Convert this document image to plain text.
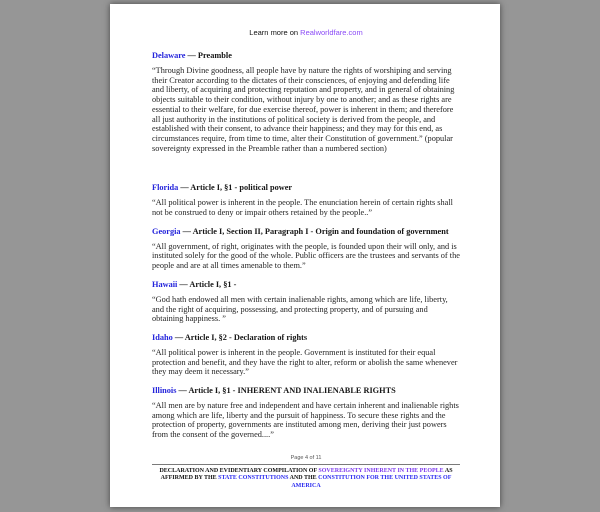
Learn more on Realworldfare.com
Delaware — Preamble

“Through Divine goodness, all people have by nature the rights of worshiping and serving their Creator according to the dictates of their consciences, of enjoying and defending life and liberty, of acquiring and protecting reputation and property, and in general of obtaining objects suitable to their condition, without injury by one to another; and as these rights are essential to their welfare, for due exercise thereof, power is inherent in them; and therefore all just authority in the institutions of political society is derived from the people, and established with their consent, to advance their happiness; and they may for this end, as circumstances require, from time to time, alter their Constitution of government.” (popular sovereignty expressed in the Preamble rather than a numbered section)

Florida — Article I, §1 - political power

“All political power is inherent in the people. The enunciation herein of certain rights shall not be construed to deny or impair others retained by the people..”

Georgia — Article I, Section II, Paragraph I - Origin and foundation of government

“All government, of right, originates with the people, is founded upon their will only, and is instituted solely for the good of the whole. Public officers are the trustees and servants of the people and are at all times amenable to them.”

Hawaii — Article I, §1 -

“God hath endowed all men with certain inalienable rights, among which are life, liberty, and the right of acquiring, possessing, and protecting property, and of pursuing and obtaining happiness. ”

Idaho — Article I, §2 - Declaration of rights

“All political power is inherent in the people. Government is instituted for their equal protection and benefit, and they have the right to alter, reform or abolish the same whenever they may deem it necessary.”

Illinois — Article I, §1 - INHERENT AND INALIENABLE RIGHTS

“All men are by nature free and independent and have certain inherent and inalienable rights among which are life, liberty and the pursuit of happiness. To secure these rights and the protection of property, governments are instituted among men, deriving their just powers from the consent of the governed....”

Page 4 of 11
DECLARATION AND EVIDENTIARY COMPILATION OF SOVEREIGNTY INHERENT IN THE PEOPLE AS AFFIRMED BY THE STATE CONSTITUTIONS AND THE CONSTITUTION FOR THE UNITED STATES OF AMERICA
